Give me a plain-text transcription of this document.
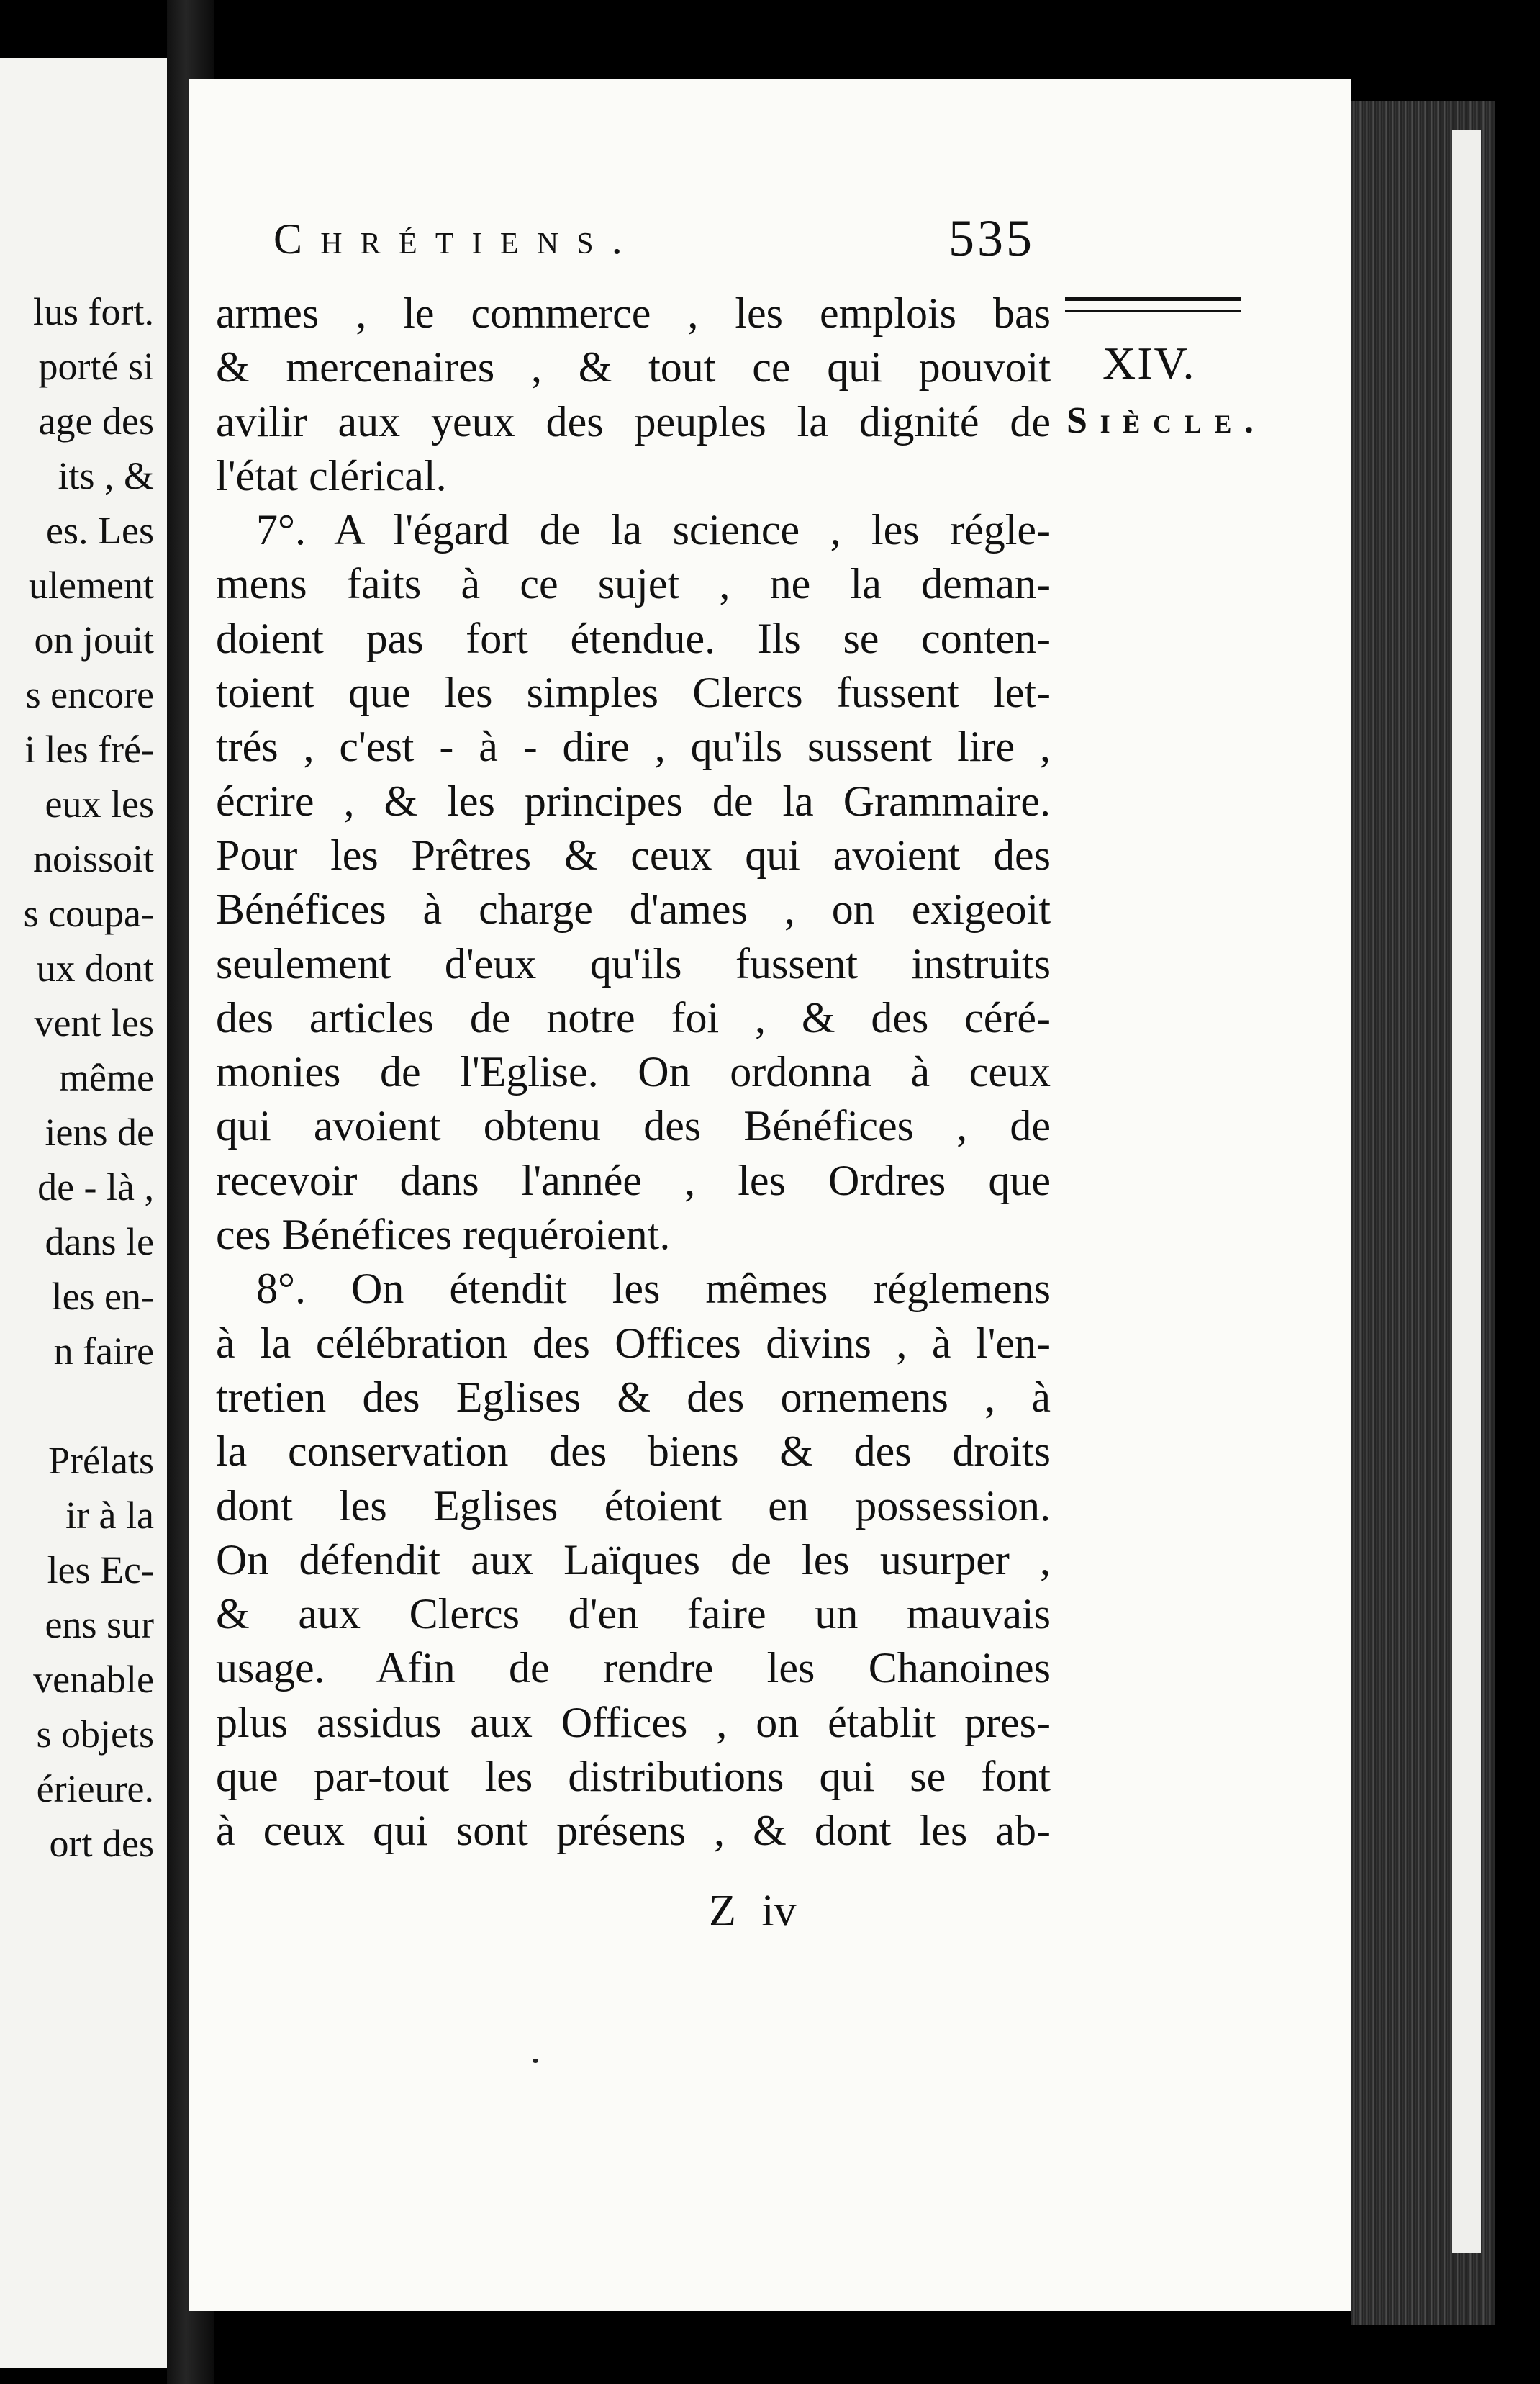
lus fort.
porté si
age des
its , &
es. Les
ulement
on jouit
s encore
i les fré-
eux les
noissoit
s coupa-
ux dont
vent les
même
iens de
de - là ,
dans le
les en-
n faire
Prélats
ir à la
les Ec-
ens sur
venable
s objets
érieure.
ort des
Chrétiens.	535
XIV.
Siècle.
armes , le commerce , les emplois bas
& mercenaires , & tout ce qui pouvoit
avilir aux yeux des peuples la dignité de
l'état clérical.
7°. A l'égard de la science , les régle-
mens faits à ce sujet , ne la deman-
doient pas fort étendue. Ils se conten-
toient que les simples Clercs fussent let-
trés , c'est - à - dire , qu'ils sussent lire ,
écrire , & les principes de la Grammaire.
Pour les Prêtres & ceux qui avoient des
Bénéfices à charge d'ames , on exigeoit
seulement d'eux qu'ils fussent instruits
des articles de notre foi , & des céré-
monies de l'Eglise. On ordonna à ceux
qui avoient obtenu des Bénéfices , de
recevoir dans l'année , les Ordres que
ces Bénéfices requéroient.
8°. On étendit les mêmes réglemens
à la célébration des Offices divins , à l'en-
tretien des Eglises & des ornemens , à
la conservation des biens & des droits
dont les Eglises étoient en possession.
On défendit aux Laïques de les usurper ,
& aux Clercs d'en faire un mauvais
usage. Afin de rendre les Chanoines
plus assidus aux Offices , on établit pres-
que par-tout les distributions qui se font
à ceux qui sont présens , & dont les ab-
Z iv
